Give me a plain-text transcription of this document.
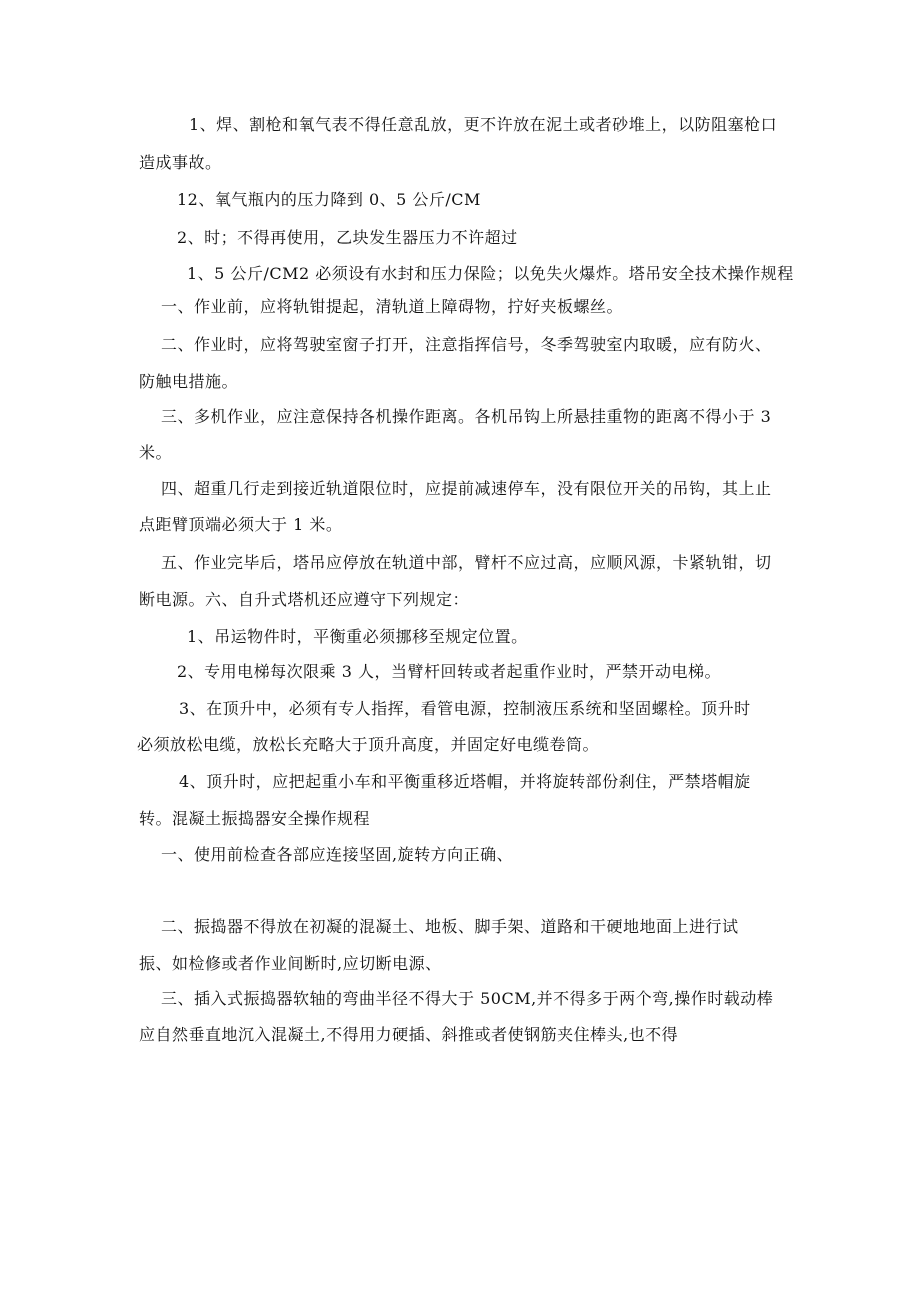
1、焊、割枪和氧气表不得任意乱放，更不许放在泥土或者砂堆上，以防阻塞枪口
造成事故。
12、氧气瓶内的压力降到 0、5 公斤/CM
2、时；不得再使用，乙块发生器压力不许超过
1、5 公斤/CM2 必须设有水封和压力保险；以免失火爆炸。塔吊安全技术操作规程
一、作业前，应将轨钳提起，清轨道上障碍物，拧好夹板螺丝。
二、作业时，应将驾驶室窗子打开，注意指挥信号，冬季驾驶室内取暖，应有防火、
防触电措施。
三、多机作业，应注意保持各机操作距离。各机吊钩上所悬挂重物的距离不得小于 3
米。
四、超重几行走到接近轨道限位时，应提前减速停车，没有限位开关的吊钩，其上止
点距臂顶端必须大于 1 米。
五、作业完毕后，塔吊应停放在轨道中部，臂杆不应过高，应顺风源，卡紧轨钳，切
断电源。六、自升式塔机还应遵守下列规定：
1、吊运物件时，平衡重必须挪移至规定位置。
2、专用电梯每次限乘 3 人，当臂杆回转或者起重作业时，严禁开动电梯。
3、在顶升中，必须有专人指挥，看管电源，控制液压系统和坚固螺栓。顶升时
必须放松电缆，放松长充略大于顶升高度，并固定好电缆卷筒。
4、顶升时，应把起重小车和平衡重移近塔帽，并将旋转部份刹住，严禁塔帽旋
转。混凝土振捣器安全操作规程
一、使用前检查各部应连接坚固,旋转方向正确、
二、振捣器不得放在初凝的混凝土、地板、脚手架、道路和干硬地地面上进行试
振、如检修或者作业间断时,应切断电源、
三、插入式振捣器软轴的弯曲半径不得大于 50CM,并不得多于两个弯,操作时载动棒
应自然垂直地沉入混凝土,不得用力硬插、斜推或者使钢筋夹住棒头,也不得
